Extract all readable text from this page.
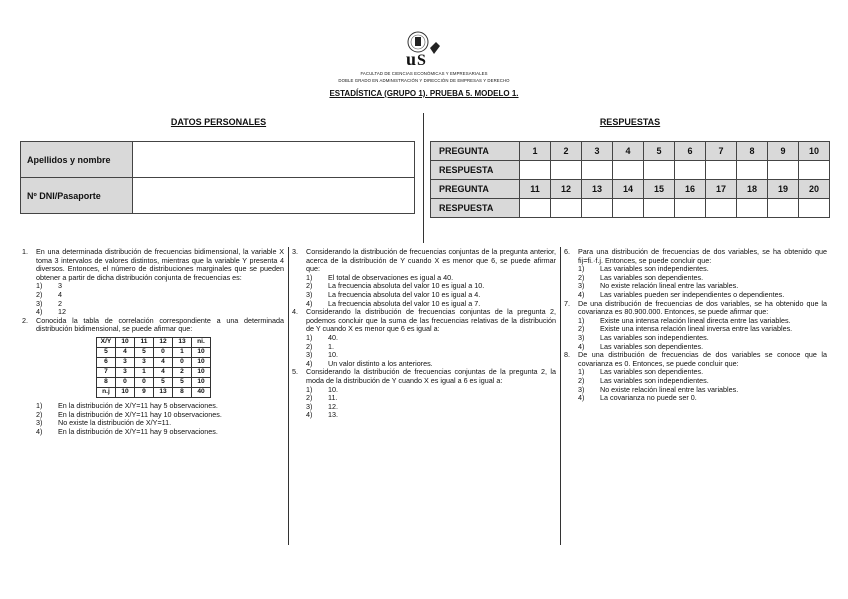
u S
FACULTAD DE CIENCIAS ECONÓMICAS Y EMPRESARIALES
DOBLE GRADO EN ADMINISTRACIÓN Y DIRECCIÓN DE EMPRESAS Y DERECHO
ESTADÍSTICA (GRUPO 1). PRUEBA 5. MODELO 1.
DATOS PERSONALES
Apellidos y nombre	
Nº DNI/Pasaporte	
RESPUESTAS
PREGUNTA	1	2	3	4	5	6	7	8	9	10
RESPUESTA										
PREGUNTA	11	12	13	14	15	16	17	18	19	20
RESPUESTA										
1. En una determinada distribución de frecuencias bidimensional, la variable X toma 3 intervalos de valores distintos, mientras que la variable Y presenta 4 diversos. Entonces, el número de distribuciones marginales que se pueden obtener a partir de dicha distribución conjunta de frecuencias es:
1) 3
2) 4
3) 2
4) 12
2. Conocida la tabla de correlación correspondiente a una determinada distribución bidimensional, se puede afirmar que:
X/Y	10	11	12	13	ni.
5	4	5	0	1	10
6	3	3	4	0	10
7	3	1	4	2	10
8	0	0	5	5	10
n.j	10	9	13	8	40
1) En la distribución de X/Y=11 hay 5 observaciones.
2) En la distribución de X/Y=11 hay 10 observaciones.
3) No existe la distribución de X/Y=11.
4) En la distribución de X/Y=11 hay 9 observaciones.
3. Considerando la distribución de frecuencias conjuntas de la pregunta anterior, acerca de la distribución de Y cuando X es menor que 6, se puede afirmar que:
1) El total de observaciones es igual a 40.
2) La frecuencia absoluta del valor 10 es igual a 10.
3) La frecuencia absoluta del valor 10 es igual a 4.
4) La frecuencia absoluta del valor 10 es igual a 7.
4. Considerando la distribución de frecuencias conjuntas de la pregunta 2, podemos concluir que la suma de las frecuencias relativas de la distribución de Y cuando X es menor que 6 es igual a:
1) 40.
2) 1.
3) 10.
4) Un valor distinto a los anteriores.
5. Considerando la distribución de frecuencias conjuntas de la pregunta 2, la moda de la distribución de Y cuando X es igual a 6 es igual a:
1) 10.
2) 11.
3) 12.
4) 13.
6. Para una distribución de frecuencias de dos variables, se ha obtenido que fij=fi.·f.j. Entonces, se puede concluir que:
1) Las variables son independientes.
2) Las variables son dependientes.
3) No existe relación lineal entre las variables.
4) Las variables pueden ser independientes o dependientes.
7. De una distribución de frecuencias de dos variables, se ha obtenido que la covarianza es 80.900.000. Entonces, se puede afirmar que:
1) Existe una intensa relación lineal directa entre las variables.
2) Existe una intensa relación lineal inversa entre las variables.
3) Las variables son independientes.
4) Las variables son dependientes.
8. De una distribución de frecuencias de dos variables se conoce que la covarianza es 0. Entonces, se puede concluir que:
1) Las variables son dependientes.
2) Las variables son independientes.
3) No existe relación lineal entre las variables.
4) La covarianza no puede ser 0.
